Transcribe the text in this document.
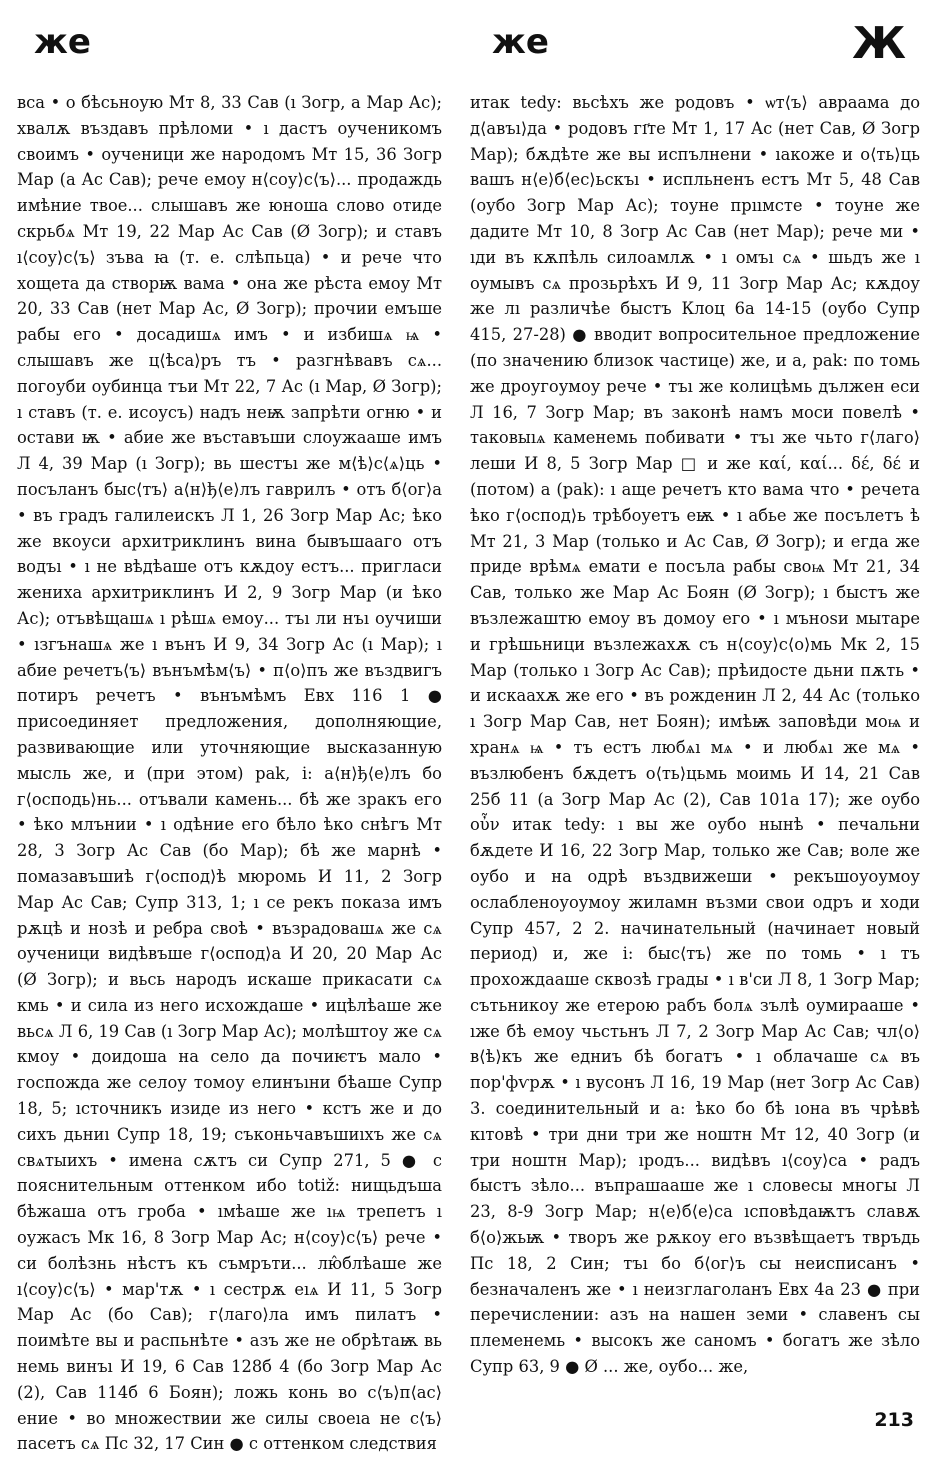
же	же	Ж
вса • о бѣсьноую Мт 8, 33 Сав (ı Зогр, а Мар Ас); хвалѫ въздавъ прѣломи • ı дастъ оученикомъ своимъ • оученици же народомъ Мт 15, 36 Зогр Мар (а Ас Сав); рече емоу н⟨соу⟩с⟨ъ⟩... продаждь имѣние твое... слышавъ же юноша слово отиде скрьбѧ Мт 19, 22 Мар Ас Сав (Ø Зогр); и ставъ ı⟨соу⟩с⟨ъ⟩ зъва ꙗ (т. е. слѣпьца) • и рече что хощета да створѭ вама • она же рѣста емоу Мт 20, 33 Сав (нет Мар Ас, Ø Зогр); прочии емъше рабы его • досадишѧ имъ • и избишѧ ѩ • слышавъ же ц⟨ѣса⟩ръ тъ • разгнѣвавъ сѧ... погоуби оубинца тъи Мт 22, 7 Ас (ı Мар, Ø Зогр); ı ставъ (т. е. исоусъ) надъ неѭ запрѣти огню • и остави ѭ • абие же въставъши слоужааше имъ Л 4, 39 Мар (ı Зогр); вь шестъı же м⟨ѣ⟩с⟨ѧ⟩ць • посъланъ быс⟨тъ⟩ а⟨н⟩ђ⟨е⟩лъ гаврилъ • отъ б⟨ог⟩а • въ градъ галилеискъ Л 1, 26 Зогр Мар Ас; ѣко же вкоуси архитриклинъ вина бывъшааго отъ водъı • ı не вѣдѣаше отъ кѫдоу естъ... пригласи женихa архитриклинъ И 2, 9 Зогр Мар (и ѣко Ас); отъвѣщашѧ ı рѣшѧ емоу... тъı ли нъı оучиши • ıзгънашѧ же ı вънъ И 9, 34 Зогр Ас (ı Мар); ı абие речетъ⟨ъ⟩ вънъмѣм⟨ъ⟩ • п⟨о⟩пъ же въздвигъ потиръ речетъ • вънъмѣмъ Евх 116 1 ● присоединяет предложения, дополняющие, развивающие или уточняющие высказанную мысль же, и (при этом) pak, i: а⟨н⟩ђ⟨е⟩лъ бо г⟨осподь⟩нь... отъвали камень... бѣ же зракъ его • ѣко млънии • ı одѣние его бѣло ѣко снѣгъ Мт 28, 3 Зогр Ас Сав (бо Мар); бѣ же марнѣ • помазавъшиѣ г⟨оспод⟩ѣ мюромь И 11, 2 Зогр Мар Ас Сав; Супр 313, 1; ı се рекъ показа имъ рѫцѣ и нозѣ и ребра своѣ • възрадовашѧ же сѧ оученици видѣвъше г⟨оспод⟩а И 20, 20 Мар Ас (Ø Зогр); и вьсь народъ искаше прикасати сѧ кмь • и сила из него исхождаше • ицѣлѣаше же вьсѧ Л 6, 19 Сав (ı Зогр Мар Ас); молѣштоу же сѧ кмоу • доидоша на село да почиѥтъ мало • госпожда же селоу томоу елинъıни бѣаше Супр 18, 5; ıсточникъ изиде из него • кстъ же и до сихъ дьниı Супр 18, 19; съконьчавъшиıхъ же сѧ свѧтыихъ • имена сѫтъ си Супр 271, 5 ● с пояснительным оттенком ибо totiž: нищьдъша бѣжаша отъ гроба • ıмѣаше же ıѩ трепетъ ı оужасъ Мк 16, 8 Зогр Мар Ас; н⟨соу⟩с⟨ъ⟩ рече • си болѣзнь нѣстъ къ съмръти... лю̂блѣаше же ı⟨соу⟩с⟨ъ⟩ • мар'тѫ • ı сестрѫ еıѧ И 11, 5 Зогр Мар Ас (бо Сав); г⟨лаго⟩ла имъ пилатъ • поимѣте вы и распьнѣте • азъ же не обрѣтаѭ вь немь винъı И 19, 6 Сав 128б 4 (бо Зогр Мар Ас (2), Сав 114б 6 Боян); ложь конь во с⟨ъ⟩п⟨ас⟩ение • во множествии же силы своеıа не с⟨ъ⟩пасетъ сѧ Пс 32, 17 Син ● с оттенком следствия
итак tedy: вьсѣхъ же родовъ • ѡт⟨ъ⟩ авраама до д⟨авъı⟩да • родовъ гı҃те Мт 1, 17 Ас (нет Сав, Ø Зогр Мар); бѫдѣте же вы испълнени • ıакоже и о⟨ть⟩ць вашъ н⟨е⟩б⟨ес⟩ьскъı • испльненъ естъ Мт 5, 48 Сав (оубо Зогр Мар Ас); тоуне прııмсте • тоуне же дадите Мт 10, 8 Зогр Ас Сав (нет Мар); рече ми • ıди въ кѫпѣль силоамлѫ • ı омъı сѧ • шьдъ же ı оумывъ сѧ прозьрѣхъ И 9, 11 Зогр Мар Ас; кѫдоу же лı различѣе быстъ Клоц 6а 14-15 (оубо Супр 415, 27-28) ● вводит вопросительное предложение (по значению близок частице) же, и а, pak: по томь же дроугоумоу рече • тъı же колицѣмь дължен еси Л 16, 7 Зогр Мар; въ законѣ намъ моси повелѣ • таковыıѧ каменемь побивати • тъı же чьто г⟨лаго⟩леши И 8, 5 Зогр Мар □ и же καί, καί... δέ, δέ и (потом) а (pak): ı аще речетъ кто вама что • речета ѣко г⟨оспод⟩ь трѣбоуетъ еѭ • ı абье же посълетъ ѣ Мт 21, 3 Мар (только и Ас Сав, Ø Зогр); и егда же приде врѣмѧ емати е посъла рабы своѩ Мт 21, 34 Сав, только же Мар Ас Боян (Ø Зогр); ı быстъ же възлежаштю емоу въ домоу его • ı мъноѕи мытаре и грѣшьници възлежахѫ съ н⟨соу⟩с⟨о⟩мь Мк 2, 15 Мар (только ı Зогр Ас Сав); прѣидосте дьни пѫть • и искаахѫ же его • въ рожденин Л 2, 44 Ас (только ı Зогр Мар Сав, нет Боян); имѣѭ заповѣди моѩ и хранѧ ѩ • тъ естъ любѧı мѧ • и любѧı же мѧ • възлюбенъ бѫдетъ о⟨ть⟩цьмь моимь И 14, 21 Сав 25б 11 (а Зогр Мар Ас (2), Сав 101а 17); же оубо οὖν итак tedy: ı вы же оубо нынѣ • печальни бѫдете И 16, 22 Зогр Мар, только же Сав; воле же оубо и на одрѣ въздвижеши • рекъшоуоумоу ослабленоуоумоу жиламн възми свои одръ и ходи Супр 457, 2 2. начинательный (начинает новый период) и, же i: быс⟨тъ⟩ же по томь • ı тъ прохождааше сквозѣ грады • ı в'си Л 8, 1 Зогр Мар; сътьникоу же етерою рабъ болѧ зълѣ оумираaше • ıже бѣ емоу чьстьнъ Л 7, 2 Зогр Мар Ас Сав; чл⟨о⟩в⟨ѣ⟩къ же едниъ бѣ богатъ • ı облачаше сѧ въ пор'фѵрѫ • ı вусонъ Л 16, 19 Мар (нет Зогр Ас Сав) 3. соединительный и а: ѣко бо бѣ ıона въ чрѣвѣ кıтовѣ • три дни три же ноштн Мт 12, 40 Зогр (и три ноштн Мар); ıродъ... видѣвъ ı⟨соу⟩са • радъ быстъ зѣло... въпрашааше же ı словесы многы Л 23, 8-9 Зогр Мар; н⟨е⟩б⟨е⟩са ıсповѣдаѭтъ славѫ б⟨о⟩жьѭ • творъ же рѫкоу его възвѣщаетъ твръдь Пс 18, 2 Син; тъı бо б⟨ог⟩ъ сы неисписанъ • безначаленъ же • ı неизглаголанъ Евх 4а 23 ● при перечислении: азъ на нашен земи • славенъ сы племенемь • высокъ же саномъ • богатъ же зѣло Супр 63, 9 ● Ø ... же, оубо... же,
213
